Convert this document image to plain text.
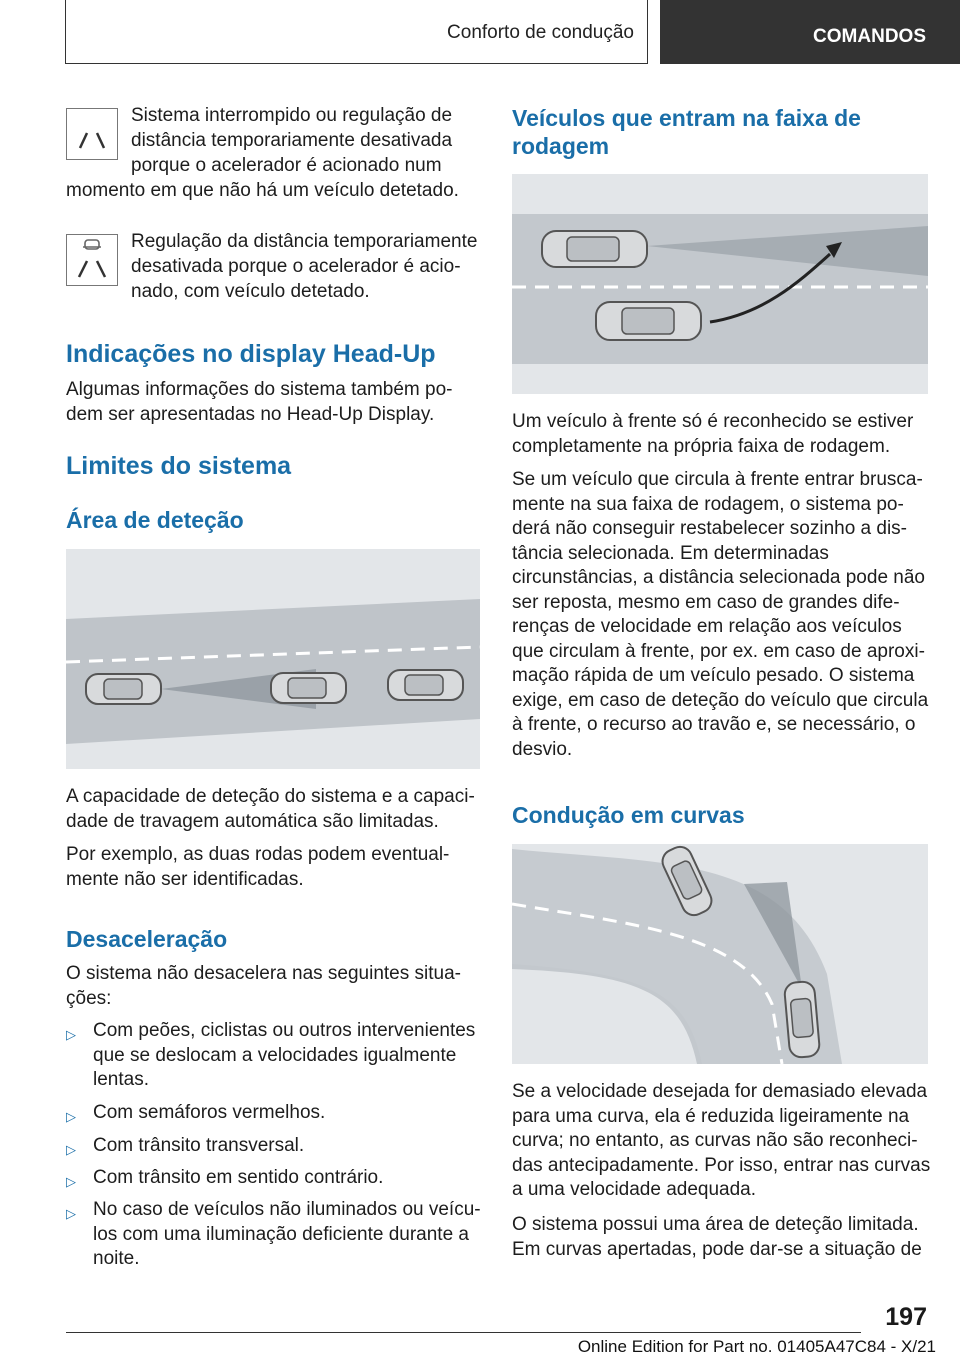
Conforto de condução	COMANDOS
Sistema interrompido ou regulação de
distância temporariamente desativada
porque o acelerador é acionado num
momento em que não há um veículo detetado.
Regulação da distância temporariamente
desativada porque o acelerador é acio-
nado, com veículo detetado.
Indicações no display Head-Up
Algumas informações do sistema também po-
dem ser apresentadas no Head-Up Display.
Limites do sistema
Área de deteção
A capacidade de deteção do sistema e a capaci-
dade de travagem automática são limitadas.
Por exemplo, as duas rodas podem eventual-
mente não ser identificadas.
Desaceleração
O sistema não desacelera nas seguintes situa-
ções:
▷ Com peões, ciclistas ou outros intervenientes
que se deslocam a velocidades igualmente
lentas.
▷ Com semáforos vermelhos.
▷ Com trânsito transversal.
▷ Com trânsito em sentido contrário.
▷ No caso de veículos não iluminados ou veícu-
los com uma iluminação deficiente durante a
noite.
Veículos que entram na faixa de
rodagem
Um veículo à frente só é reconhecido se estiver
completamente na própria faixa de rodagem.
Se um veículo que circula à frente entrar brusca-
mente na sua faixa de rodagem, o sistema po-
derá não conseguir restabelecer sozinho a dis-
tância selecionada. Em determinadas
circunstâncias, a distância selecionada pode não
ser reposta, mesmo em caso de grandes dife-
renças de velocidade em relação aos veículos
que circulam à frente, por ex. em caso de aproxi-
mação rápida de um veículo pesado. O sistema
exige, em caso de deteção do veículo que circula
à frente, o recurso ao travão e, se necessário, o
desvio.
Condução em curvas
Se a velocidade desejada for demasiado elevada
para uma curva, ela é reduzida ligeiramente na
curva; no entanto, as curvas não são reconheci-
das antecipadamente. Por isso, entrar nas curvas
a uma velocidade adequada.
O sistema possui uma área de deteção limitada.
Em curvas apertadas, pode dar-se a situação de
197
Online Edition for Part no. 01405A47C84 - X/21
